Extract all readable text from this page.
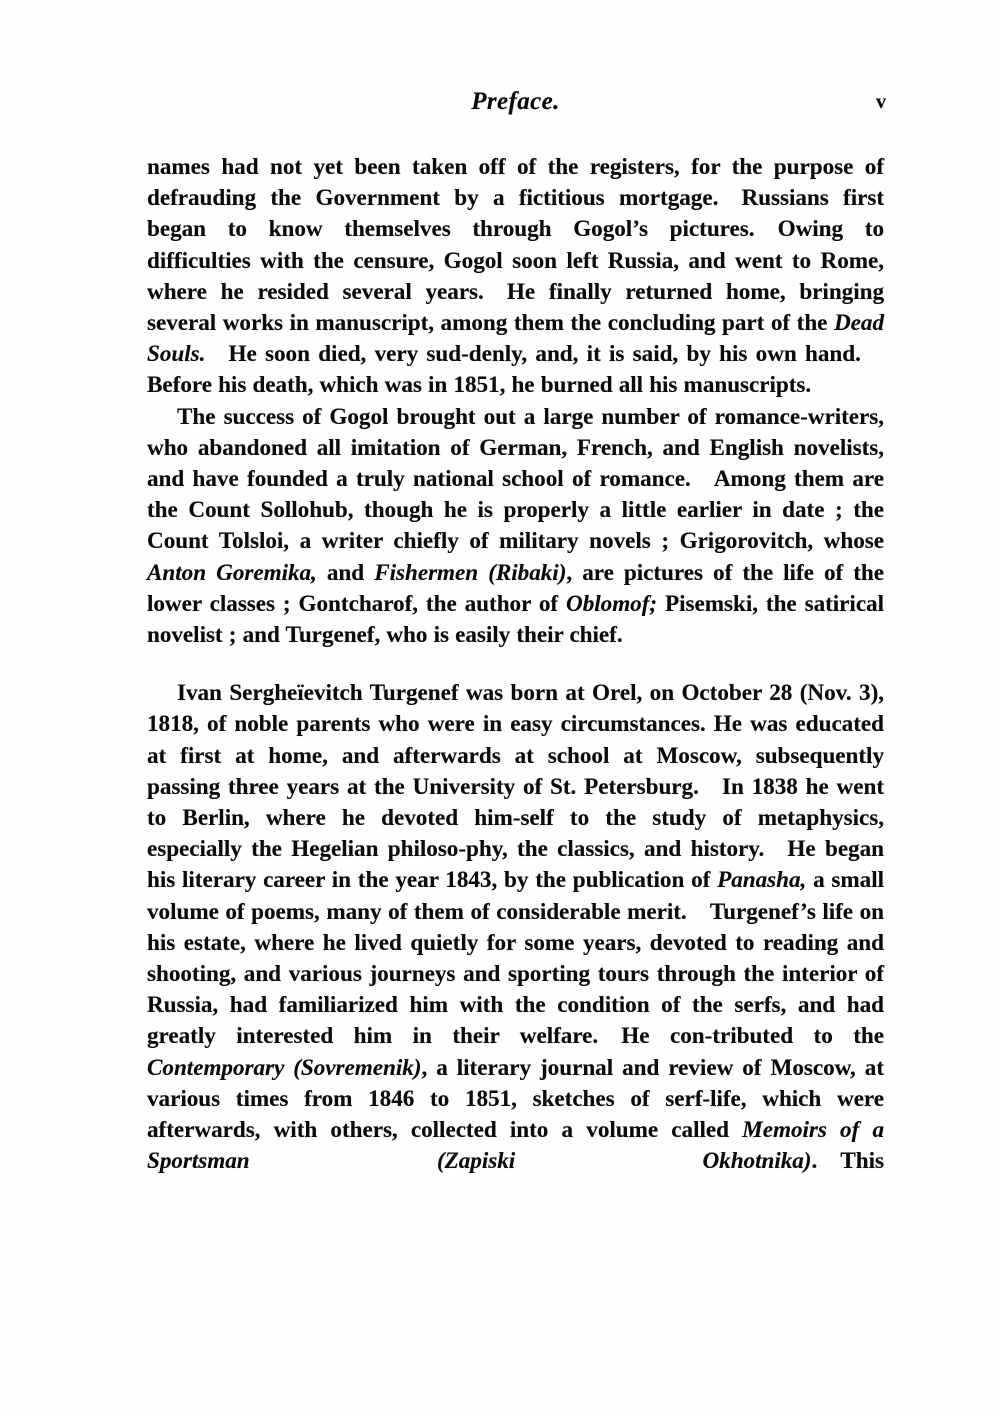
Preface.	v

names had not yet been taken off of the registers, for the purpose of defrauding the Government by a fictitious mortgage. Russians first began to know themselves through Gogol’s pictures. Owing to difficulties with the censure, Gogol soon left Russia, and went to Rome, where he resided several years. He finally returned home, bringing several works in manuscript, among them the concluding part of the Dead Souls. He soon died, very sud-denly, and, it is said, by his own hand. Before his death, which was in 1851, he burned all his manuscripts.

The success of Gogol brought out a large number of romance-writers, who abandoned all imitation of German, French, and English novelists, and have founded a truly national school of romance. Among them are the Count Sollohub, though he is properly a little earlier in date ; the Count Tolsloi, a writer chiefly of military novels ; Grigorovitch, whose Anton Goremika, and Fishermen (Ribaki), are pictures of the life of the lower classes ; Gontcharof, the author of Oblomof; Pisemski, the satirical novelist ; and Turgenef, who is easily their chief.

Ivan Sergheïevitch Turgenef was born at Orel, on October 28 (Nov. 3), 1818, of noble parents who were in easy circumstances. He was educated at first at home, and afterwards at school at Moscow, subsequently passing three years at the University of St. Petersburg. In 1838 he went to Berlin, where he devoted him-self to the study of metaphysics, especially the Hegelian philoso-phy, the classics, and history. He began his literary career in the year 1843, by the publication of Panasha, a small volume of poems, many of them of considerable merit. Turgenef’s life on his estate, where he lived quietly for some years, devoted to reading and shooting, and various journeys and sporting tours through the interior of Russia, had familiarized him with the condition of the serfs, and had greatly interested him in their welfare. He con-tributed to the Contemporary (Sovremenik), a literary journal and review of Moscow, at various times from 1846 to 1851, sketches of serf-life, which were afterwards, with others, collected into a volume called Memoirs of a Sportsman (Zapiski Okhotnika). This
